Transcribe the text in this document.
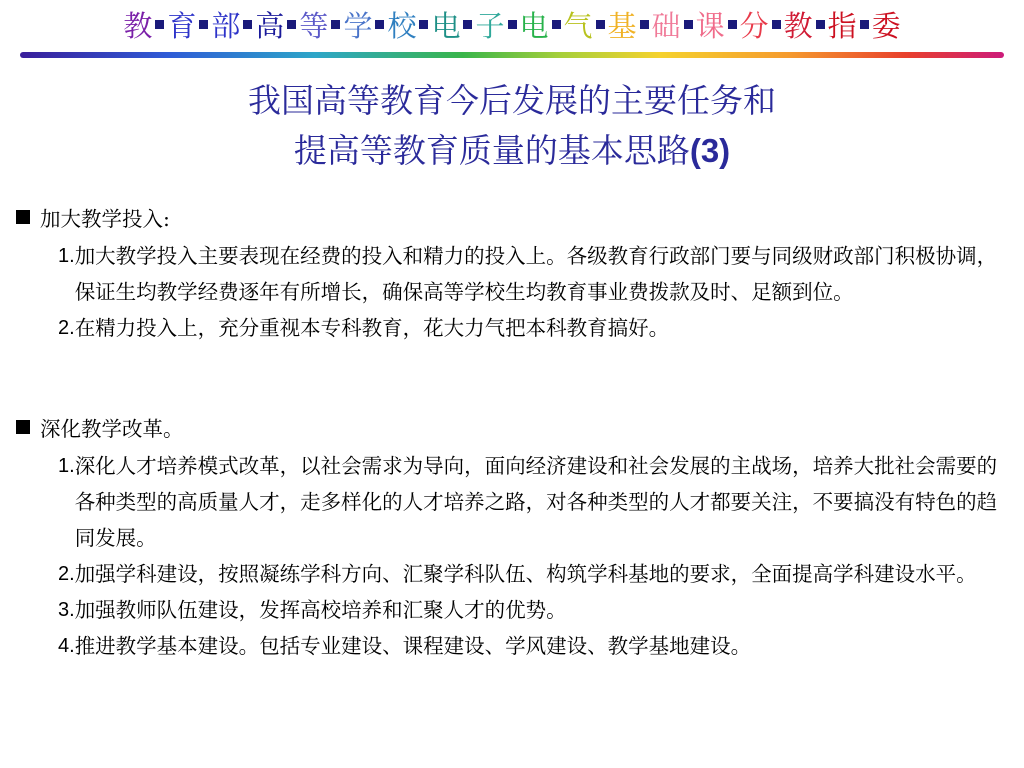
教 育 部 高 等 学 校 电 子 电 气 基 础 课 分 教 指 委
我国高等教育今后发展的主要任务和
提高等教育质量的基本思路(3)
加大教学投入:
1. 加大教学投入主要表现在经费的投入和精力的投入上。各级教育行政部门要与同级财政部门积极协调，保证生均教学经费逐年有所增长，确保高等学校生均教育事业费拨款及时、足额到位。
2. 在精力投入上，充分重视本专科教育，花大力气把本科教育搞好。
深化教学改革。
1. 深化人才培养模式改革，以社会需求为导向，面向经济建设和社会发展的主战场，培养大批社会需要的各种类型的高质量人才，走多样化的人才培养之路，对各种类型的人才都要关注，不要搞没有特色的趋同发展。
2. 加强学科建设，按照凝练学科方向、汇聚学科队伍、构筑学科基地的要求，全面提高学科建设水平。
3. 加强教师队伍建设，发挥高校培养和汇聚人才的优势。
4. 推进教学基本建设。包括专业建设、课程建设、学风建设、教学基地建设。
